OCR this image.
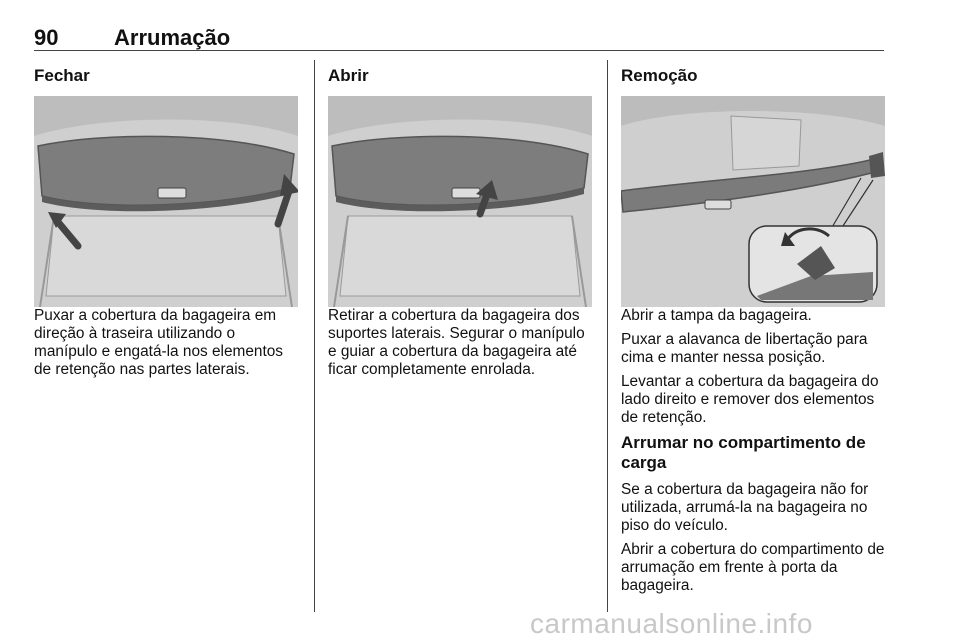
90	Arrumação
Fechar

Puxar a cobertura da bagageira em direção à traseira utilizando o manípulo e engatá-la nos elementos de retenção nas partes laterais.

Abrir

Retirar a cobertura da bagageira dos suportes laterais. Segurar o manípulo e guiar a cobertura da bagageira até ficar completamente enrolada.

Remoção

Abrir a tampa da bagageira.

Puxar a alavanca de libertação para cima e manter nessa posição.

Levantar a cobertura da bagageira do lado direito e remover dos elementos de retenção.

Arrumar no compartimento de carga

Se a cobertura da bagageira não for utilizada, arrumá-la na bagageira no piso do veículo.

Abrir a cobertura do compartimento de arrumação em frente à porta da bagageira.

carmanualsonline.info
